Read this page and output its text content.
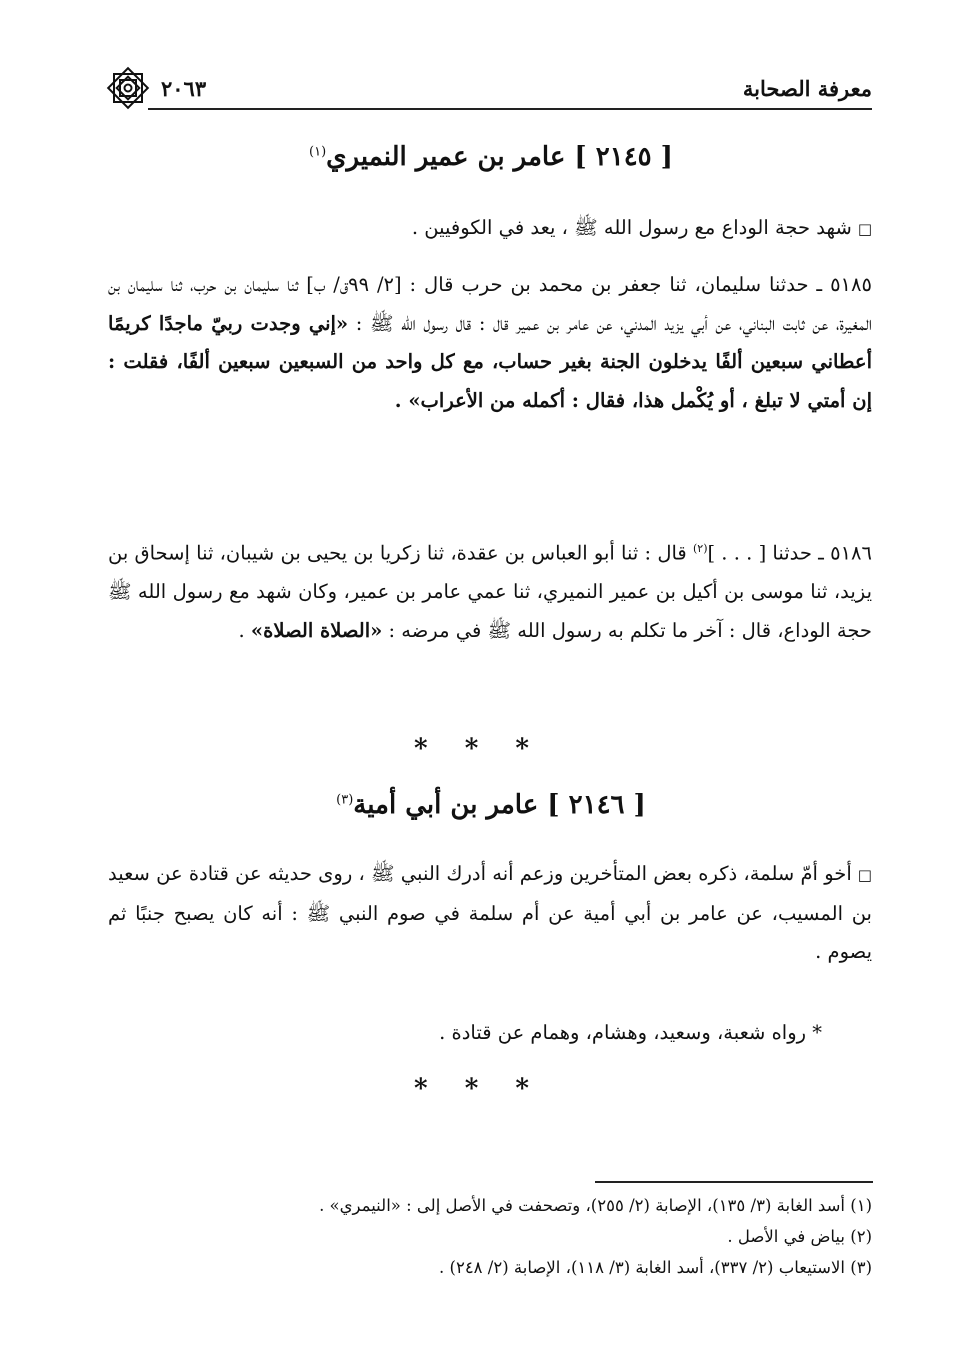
معرفة الصحابة
٢٠٦٣
[ ٢١٤٥ ] عامر بن عمير النميري$^{(١)}$
□شهد حجة الوداع مع رسول الله ﷺ ، يعد في الكوفيين .
٥١٨٥ ـ حدثنا سليمان، ثنا جعفر بن محمد بن حرب قال : [٢/ ٩٩ق/ ب] ثنا سليمان بن حرب، ثنا سليمان بن المغيرة، عن ثابت البناني، عن أبي يزيد المدني، عن عامر بن عمير قال : قال رسول الله ﷺ : «إني وجدت ربيّ ماجدًا كريمًا أعطاني سبعين ألفًا يدخلون الجنة بغير حساب، مع كل واحد من السبعين سبعين ألفًا، فقلت : إن أمتي لا تبلغ ، أو يُكْمل هذا، فقال : أكمله من الأعراب» .
٥١٨٦ ـ حدثنا [ . . . ]$^{(٢)}$ قال : ثنا أبو العباس بن عقدة، ثنا زكريا بن يحيى بن شيبان، ثنا إسحاق بن يزيد، ثنا موسى بن أكيل بن عمير النميري، ثنا عمي عامر بن عمير، وكان شهد مع رسول الله ﷺ حجة الوداع، قال : آخر ما تكلم به رسول الله ﷺ في مرضه : «الصلاة الصلاة» .
* * *
[ ٢١٤٦ ] عامر بن أبي أمية$^{(٣)}$
□أخو أمّ سلمة، ذكره بعض المتأخرين وزعم أنه أدرك النبي ﷺ ، روى حديثه عن قتادة عن سعيد بن المسيب، عن عامر بن أبي أمية عن أم سلمة في صوم النبي ﷺ : أنه كان يصبح جنبًا ثم يصوم .
* رواه شعبة، وسعيد، وهشام، وهمام عن قتادة .
* * *
(١) أسد الغابة (٣/ ١٣٥)، الإصابة (٢/ ٢٥٥)، وتصحفت في الأصل إلى : «النيمري» .
(٢) بياض في الأصل .
(٣) الاستيعاب (٢/ ٣٣٧)، أسد الغابة (٣/ ١١٨)، الإصابة (٢/ ٢٤٨) .
